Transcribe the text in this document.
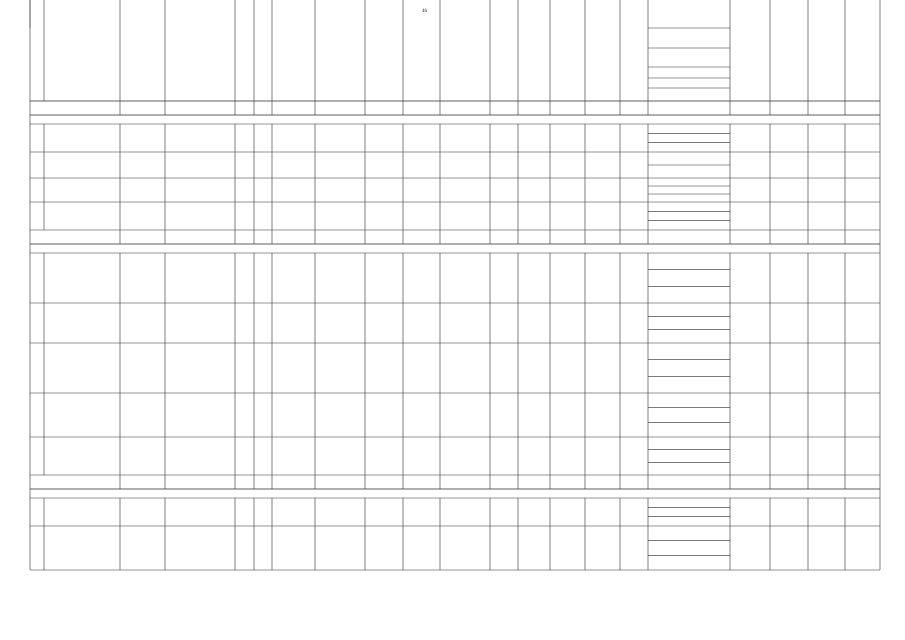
46
